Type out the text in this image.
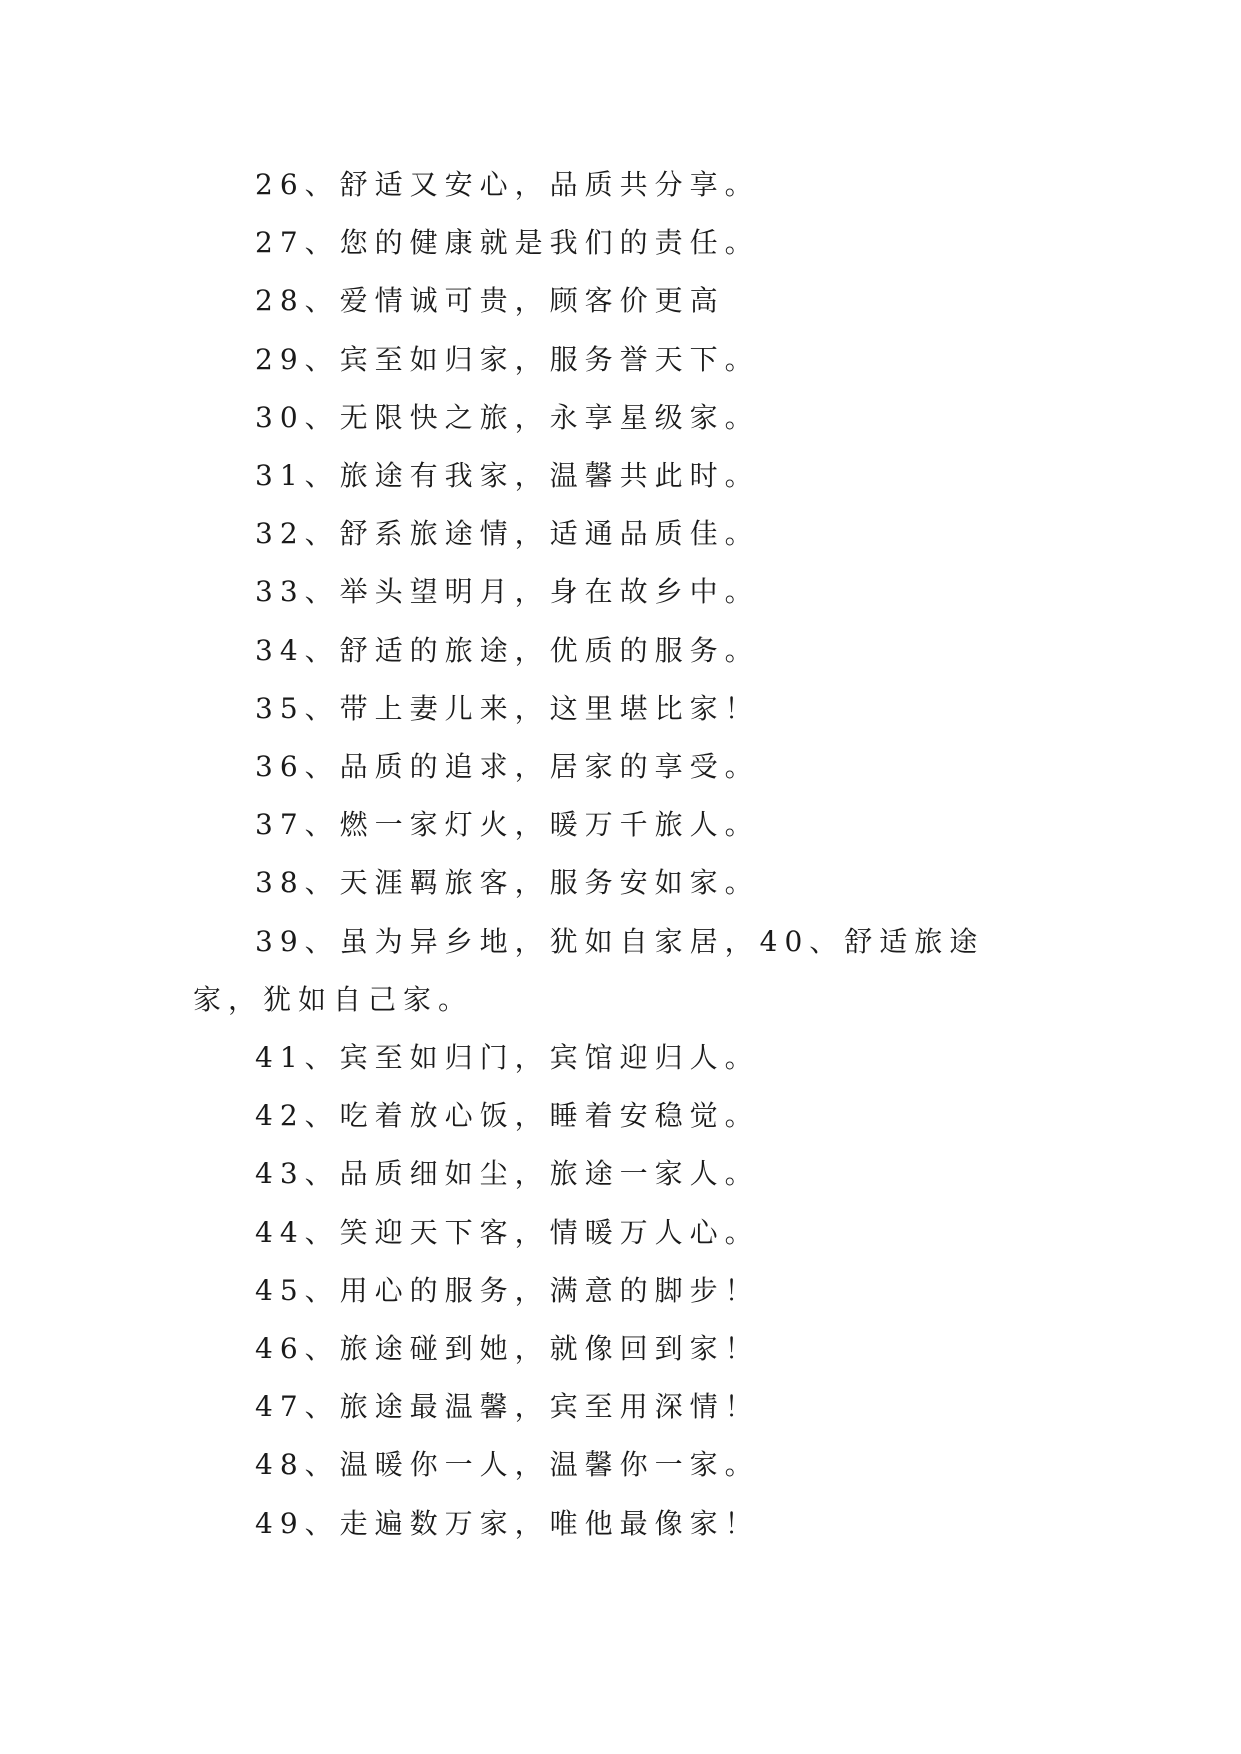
26、舒适又安心，品质共分享。

27、您的健康就是我们的责任。

28、爱情诚可贵，顾客价更高

29、宾至如归家，服务誉天下。

30、无限快之旅，永享星级家。

31、旅途有我家，温馨共此时。

32、舒系旅途情，适通品质佳。

33、举头望明月，身在故乡中。

34、舒适的旅途，优质的服务。

35、带上妻儿来，这里堪比家！

36、品质的追求，居家的享受。

37、燃一家灯火，暖万千旅人。

38、天涯羁旅客，服务安如家。

39、虽为异乡地，犹如自家居，40、舒适旅途家，犹如自己家。

41、宾至如归门，宾馆迎归人。

42、吃着放心饭，睡着安稳觉。

43、品质细如尘，旅途一家人。

44、笑迎天下客，情暖万人心。

45、用心的服务，满意的脚步！

46、旅途碰到她，就像回到家！

47、旅途最温馨，宾至用深情！

48、温暖你一人，温馨你一家。

49、走遍数万家，唯他最像家！
